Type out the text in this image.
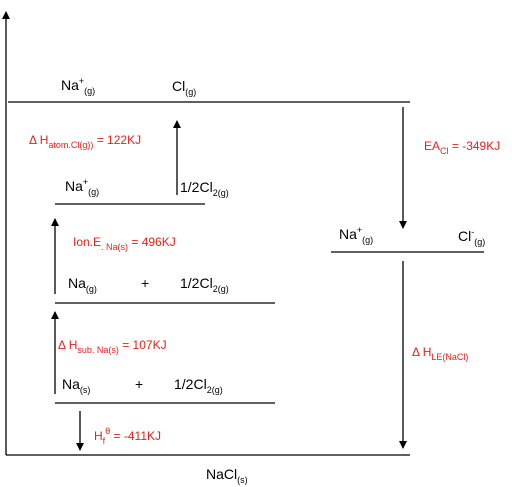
$Na^+_{(g)}$	$Cl_{(g)}$
$Na^+_{(g)}$	$1/2Cl_{2(g)}$
$Na_{(g)}$	+ $1/2Cl_{2(g)}$
$Na_{(s)}$	+ $1/2Cl_{2(g)}$
$Na^+_{(g)}$	$Cl^-_{(g)}$
NaCl$_{(s)}$
Δ $H_{atom.Cl(g))} = 122KJ$
$Ion.E_{. Na(s)} = 496KJ$
Δ $H_{sub. Na(s)} = 107KJ$
$H_f^\theta = -411KJ$
$EA_{Cl} = -349KJ$
Δ $H_{LE(NaCl)}$
